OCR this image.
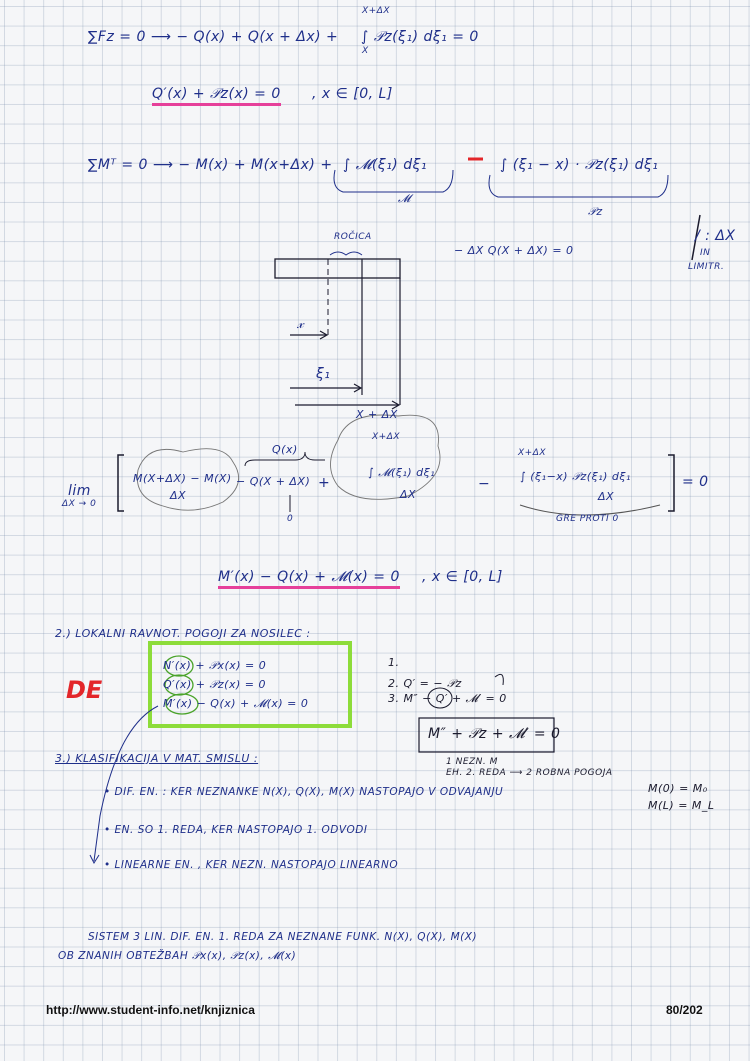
∑Fz = 0 ⟶ − Q(x) + Q(x + Δx) +
X+ΔX
X
∫ 𝒫z(ξ₁) dξ₁ = 0
Q′(x) + 𝒫z(x) = 0 , x ∈ [0, L]
∑Mᵀ = 0 ⟶ − M(x) + M(x+Δx) + ∫ 𝓜(ξ₁) dξ₁	∫ (ξ₁ − x) · 𝒫z(ξ₁) dξ₁
𝓜
𝒫z
ROČICA
− ΔX Q(X + ΔX) = 0
/ : ΔX
IN
LIMITR.
𝓍
ξ₁
X + ΔX
lim
ΔX → 0
M(X+ΔX) − M(X)
ΔX
Q(x)
− Q(X + ΔX)
0
+
X+ΔX
∫ 𝓜(ξ₁) dξ₁
ΔX
−
X+ΔX
∫ (ξ₁−x) 𝒫z(ξ₁) dξ₁
ΔX
GRE PROTI 0
= 0
M′(x) − Q(x) + 𝓜(x) = 0 , x ∈ [0, L]
2.) LOKALNI RAVNOT. POGOJI ZA NOSILEC :
DE
N′(x) + 𝒫x(x) = 0
Q′(x) + 𝒫z(x) = 0
M′(x) − Q(x) + 𝓜(x) = 0
1.
2. Q′ = − 𝒫z
3. M″ − Q′ + 𝓜′ = 0
M″ + 𝒫z + 𝓜′ = 0
1 NEZN. M
EH. 2. REDA ⟶ 2 ROBNA POGOJA
M(0) = M₀
M(L) = M_L
3.) KLASIFIKACIJA V MAT. SMISLU :
• DIF. EN. : KER NEZNANKE N(X), Q(X), M(X) NASTOPAJO V ODVAJANJU
• EN. SO 1. REDA, KER NASTOPAJO 1. ODVODI
• LINEARNE EN. , KER NEZN. NASTOPAJO LINEARNO
SISTEM 3 LIN. DIF. EN. 1. REDA ZA NEZNANE FUNK. N(X), Q(X), M(X)
OB ZNANIH OBTEŽBAH 𝒫x(x), 𝒫z(x), 𝓜(x)
http://www.student-info.net/knjiznica	80/202
